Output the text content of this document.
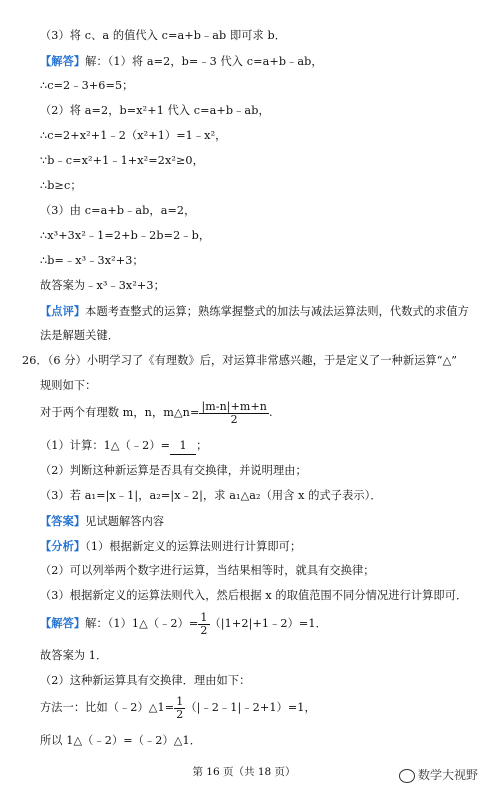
（3）将 c、a 的值代入 c=a+b﹣ab 即可求 b．
【解答】解：（1）将 a=2，b=﹣3 代入 c=a+b﹣ab，
∴c=2﹣3+6=5；
（2）将 a=2，b=x²+1 代入 c=a+b﹣ab，
∴c=2+x²+1﹣2（x²+1）=1﹣x²，
∵b﹣c=x²+1﹣1+x²=2x²≥0，
∴b≥c；
（3）由 c=a+b﹣ab，a=2，
∴x³+3x²﹣1=2+b﹣2b=2﹣b，
∴b=﹣x³﹣3x²+3；
故答案为﹣x³﹣3x²+3；
【点评】本题考查整式的运算；熟练掌握整式的加法与减法运算法则，代数式的求值方
法是解题关键．
26．（6 分）小明学习了《有理数》后，对运算非常感兴趣，于是定义了一种新运算“△”
规则如下：
对于两个有理数 m，n，m△n= $\frac{|m-n|+m+n}{2}$ .
（1）计算：1△（﹣2）= 1 ；
（2）判断这种新运算是否具有交换律，并说明理由；
（3）若 a₁=|x﹣1|，a₂=|x﹣2|，求 a₁△a₂（用含 x 的式子表示）．
【答案】见试题解答内容
【分析】（1）根据新定义的运算法则进行计算即可；
（2）可以列举两个数字进行运算，当结果相等时，就具有交换律；
（3）根据新定义的运算法则代入，然后根据 x 的取值范围不同分情况进行计算即可．
【解答】解：（1）1△（﹣2）= $\frac{1}{2}$ （|1+2|+1﹣2）=1．
故答案为 1．
（2）这种新运算具有交换律．理由如下：
方法一：比如（﹣2）△1= $\frac{1}{2}$ （|﹣2﹣1|﹣2+1）=1，
所以 1△（﹣2）=（﹣2）△1．
第 16 页（共 18 页）	数学大视野
